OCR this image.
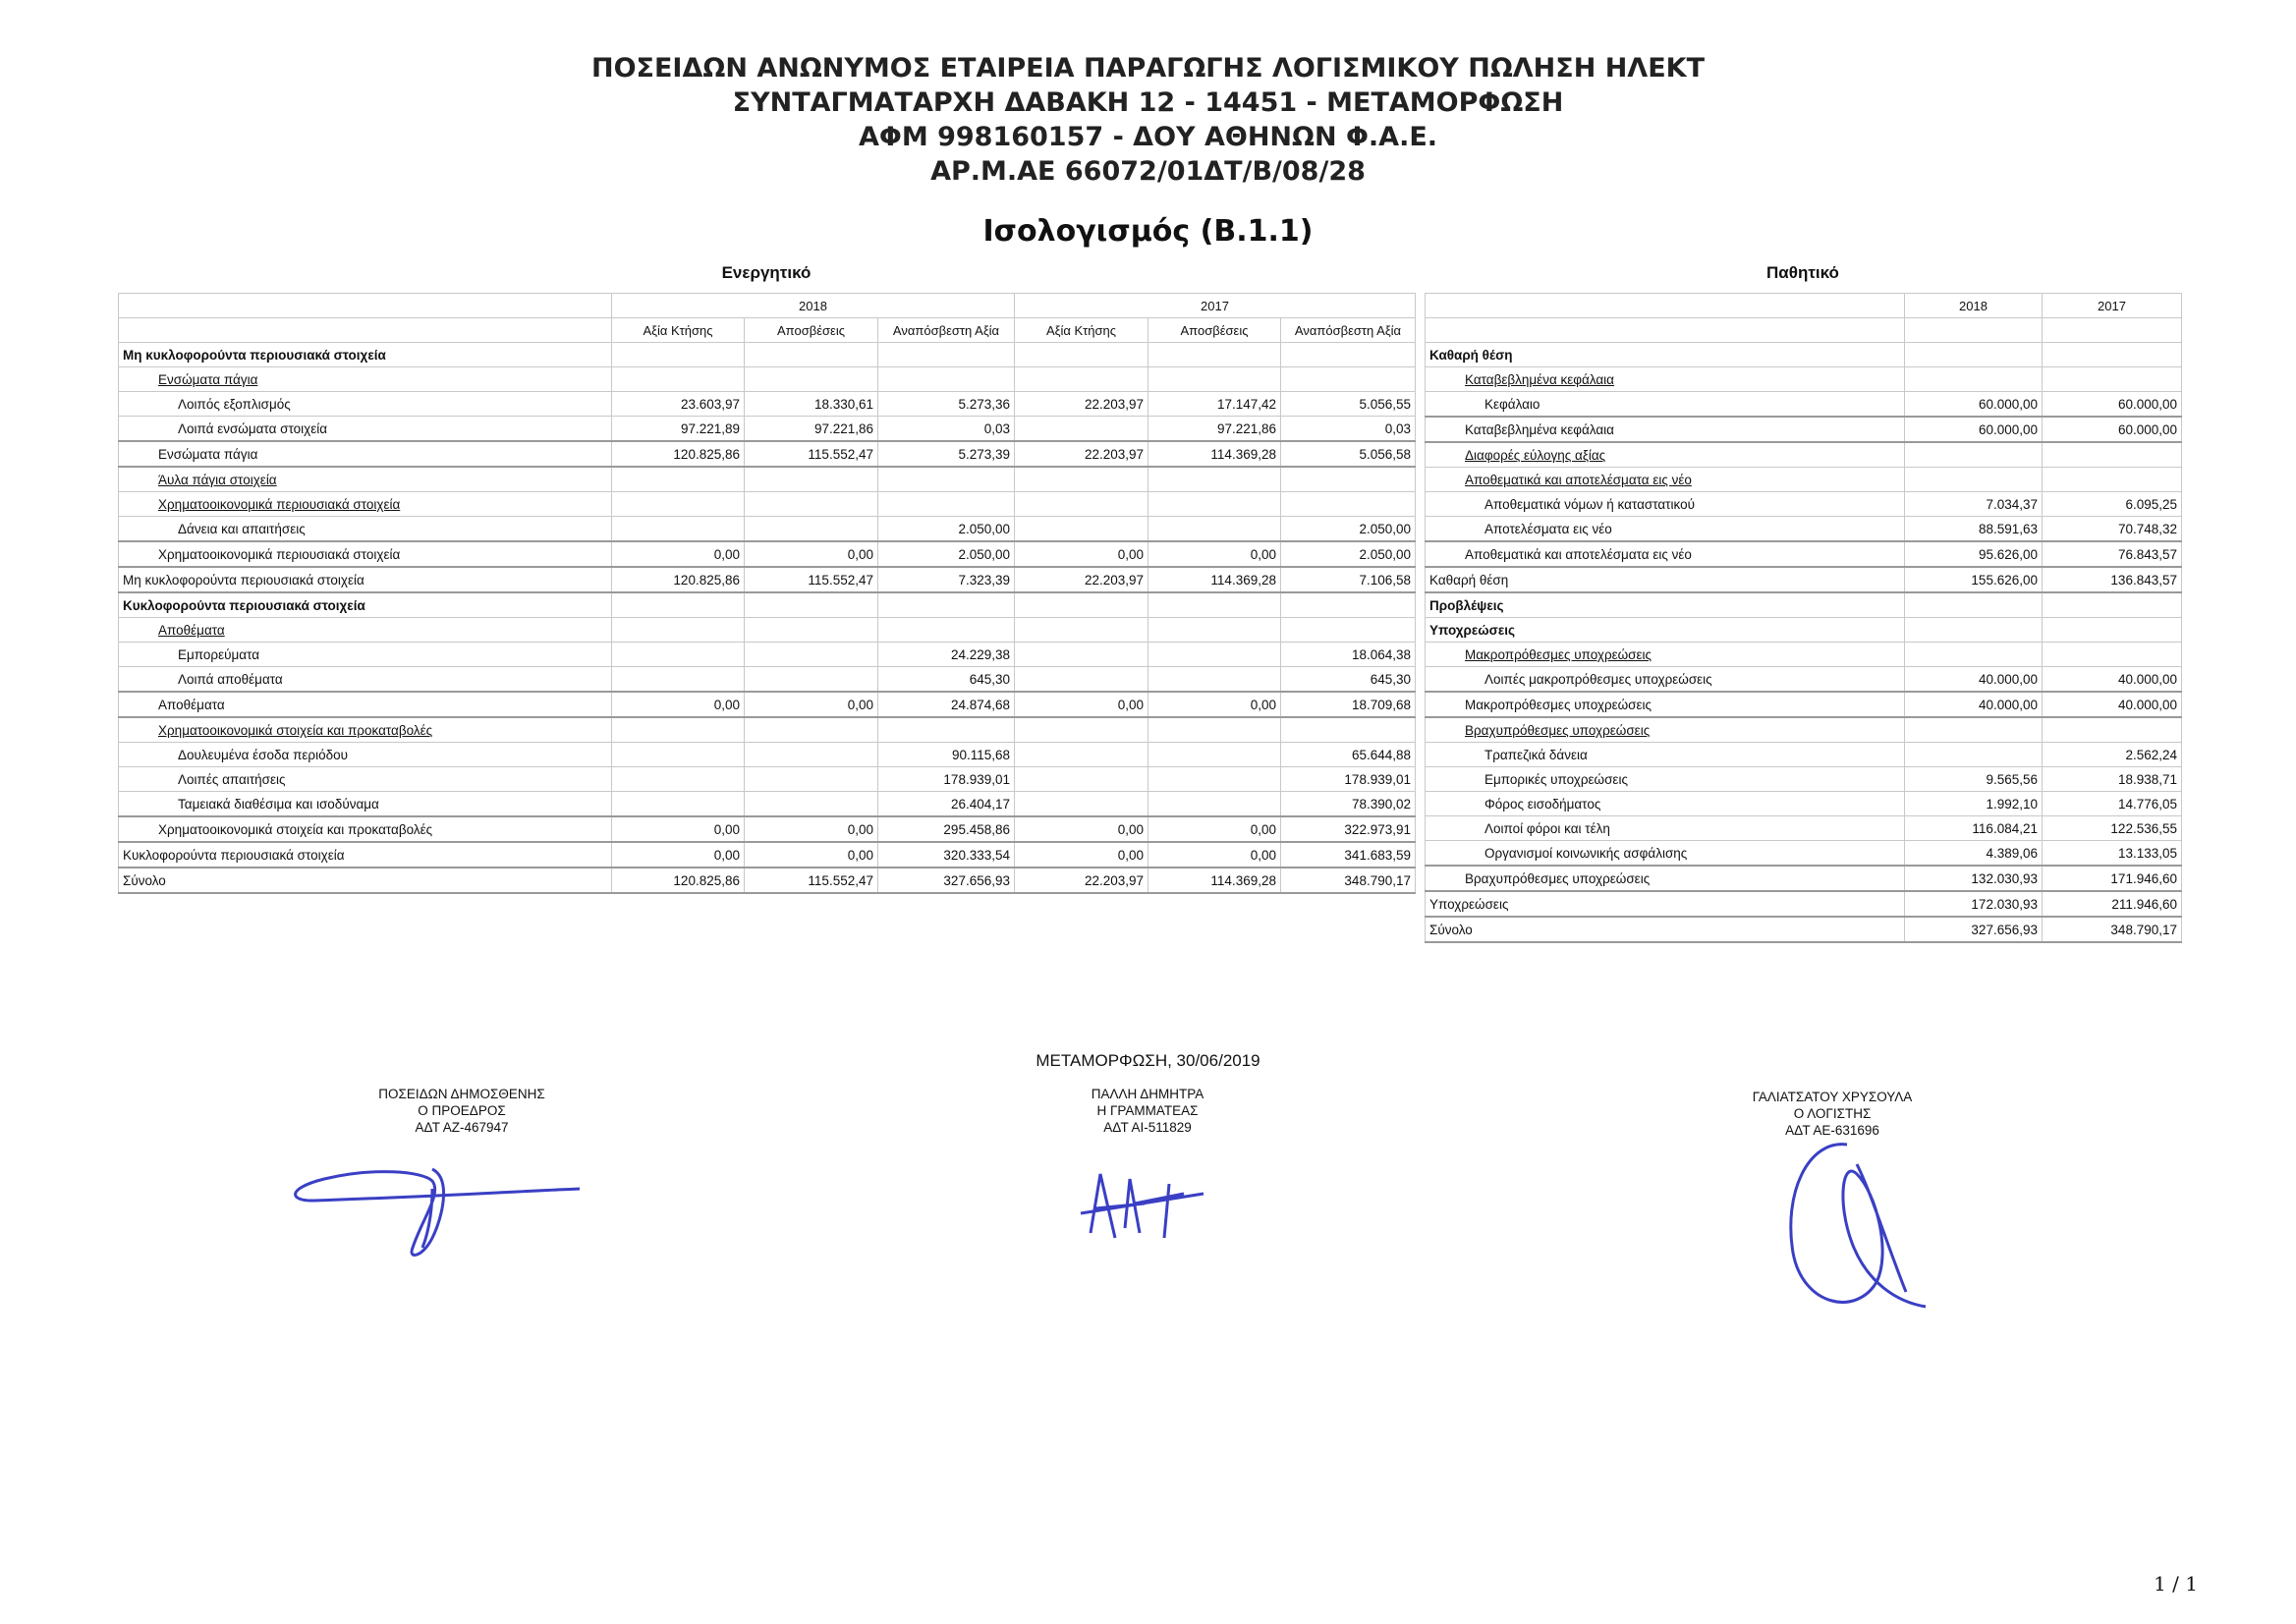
ΠΟΣΕΙΔΩΝ ΑΝΩΝΥΜΟΣ ΕΤΑΙΡΕΙΑ ΠΑΡΑΓΩΓΗΣ ΛΟΓΙΣΜΙΚΟΥ ΠΩΛΗΣΗ ΗΛΕΚΤ
ΣΥΝΤΑΓΜΑΤΑΡΧΗ ΔΑΒΑΚΗ 12 - 14451 - ΜΕΤΑΜΟΡΦΩΣΗ
ΑΦΜ 998160157 - ΔΟΥ ΑΘΗΝΩΝ Φ.Α.Ε.
ΑΡ.Μ.ΑΕ 66072/01ΔΤ/Β/08/28
Ισολογισμός (Β.1.1)
Ενεργητικό	Παθητικό
	2018			2017		
	Αξία Κτήσης	Αποσβέσεις	Αναπόσβεστη Αξία	Αξία Κτήσης	Αποσβέσεις	Αναπόσβεστη Αξία
Μη κυκλοφορούντα περιουσιακά στοιχεία						
Ενσώματα πάγια						
Λοιπός εξοπλισμός	23.603,97	18.330,61	5.273,36	22.203,97	17.147,42	5.056,55
Λοιπά ενσώματα στοιχεία	97.221,89	97.221,86	0,03		97.221,86	0,03
Ενσώματα πάγια	120.825,86	115.552,47	5.273,39	22.203,97	114.369,28	5.056,58
Άυλα πάγια στοιχεία						
Χρηματοοικονομικά περιουσιακά στοιχεία						
Δάνεια και απαιτήσεις			2.050,00			2.050,00
Χρηματοοικονομικά περιουσιακά στοιχεία	0,00	0,00	2.050,00	0,00	0,00	2.050,00
Μη κυκλοφορούντα περιουσιακά στοιχεία	120.825,86	115.552,47	7.323,39	22.203,97	114.369,28	7.106,58
Κυκλοφορούντα περιουσιακά στοιχεία						
Αποθέματα						
Εμπορεύματα			24.229,38			18.064,38
Λοιπά αποθέματα			645,30			645,30
Αποθέματα	0,00	0,00	24.874,68	0,00	0,00	18.709,68
Χρηματοοικονομικά στοιχεία και προκαταβολές						
Δουλευμένα έσοδα περιόδου			90.115,68			65.644,88
Λοιπές απαιτήσεις			178.939,01			178.939,01
Ταμειακά διαθέσιμα και ισοδύναμα			26.404,17			78.390,02
Χρηματοοικονομικά στοιχεία και προκαταβολές	0,00	0,00	295.458,86	0,00	0,00	322.973,91
Κυκλοφορούντα περιουσιακά στοιχεία	0,00	0,00	320.333,54	0,00	0,00	341.683,59
Σύνολο	120.825,86	115.552,47	327.656,93	22.203,97	114.369,28	348.790,17
	2018	2017

Καθαρή θέση		
Καταβεβλημένα κεφάλαια		
Κεφάλαιο	60.000,00	60.000,00
Καταβεβλημένα κεφάλαια	60.000,00	60.000,00
Διαφορές εύλογης αξίας		
Αποθεματικά και αποτελέσματα εις νέο		
Αποθεματικά νόμων ή καταστατικού	7.034,37	6.095,25
Αποτελέσματα εις νέο	88.591,63	70.748,32
Αποθεματικά και αποτελέσματα εις νέο	95.626,00	76.843,57
Καθαρή θέση	155.626,00	136.843,57
Προβλέψεις		
Υποχρεώσεις		
Μακροπρόθεσμες υποχρεώσεις		
Λοιπές μακροπρόθεσμες υποχρεώσεις	40.000,00	40.000,00
Μακροπρόθεσμες υποχρεώσεις	40.000,00	40.000,00
Βραχυπρόθεσμες υποχρεώσεις		
Τραπεζικά δάνεια		2.562,24
Εμπορικές υποχρεώσεις	9.565,56	18.938,71
Φόρος εισοδήματος	1.992,10	14.776,05
Λοιποί φόροι και τέλη	116.084,21	122.536,55
Οργανισμοί κοινωνικής ασφάλισης	4.389,06	13.133,05
Βραχυπρόθεσμες υποχρεώσεις	132.030,93	171.946,60
Υποχρεώσεις	172.030,93	211.946,60
Σύνολο	327.656,93	348.790,17
ΜΕΤΑΜΟΡΦΩΣΗ, 30/06/2019
ΠΟΣΕΙΔΩΝ ΔΗΜΟΣΘΕΝΗΣ
Ο ΠΡΟΕΔΡΟΣ
ΑΔΤ ΑΖ-467947
ΠΑΛΛΗ ΔΗΜΗΤΡΑ
Η ΓΡΑΜΜΑΤΕΑΣ
ΑΔΤ ΑΙ-511829
ΓΑΛΙΑΤΣΑΤΟΥ ΧΡΥΣΟΥΛΑ
Ο ΛΟΓΙΣΤΗΣ
ΑΔΤ ΑΕ-631696
1 / 1
